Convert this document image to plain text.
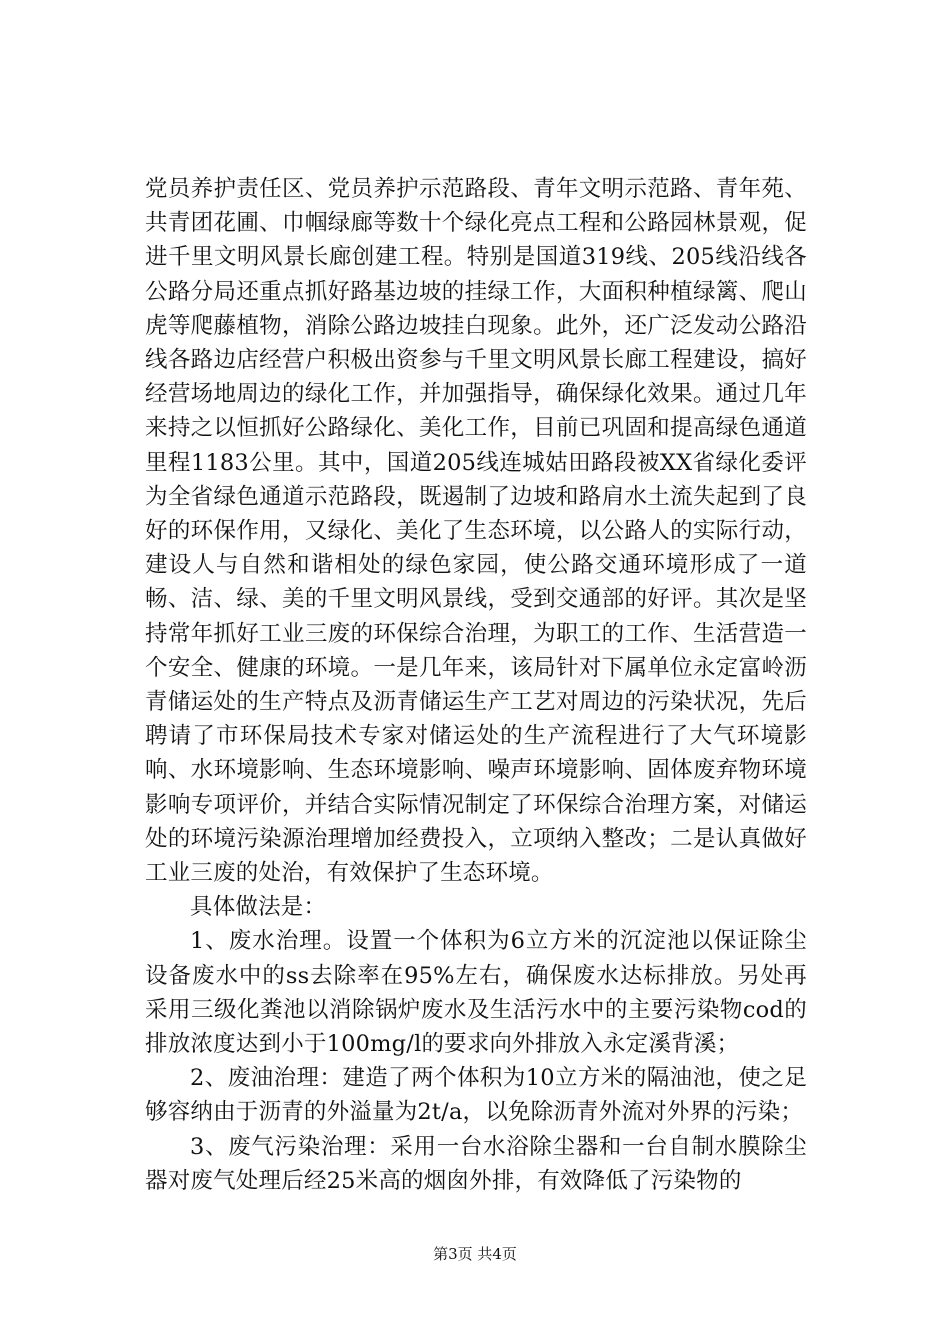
党员养护责任区、党员养护示范路段、青年文明示范路、青年苑、共青团花圃、巾帼绿廊等数十个绿化亮点工程和公路园林景观，促进千里文明风景长廊创建工程。特别是国道319线、205线沿线各公路分局还重点抓好路基边坡的挂绿工作，大面积种植绿篱、爬山虎等爬藤植物，消除公路边坡挂白现象。此外，还广泛发动公路沿线各路边店经营户积极出资参与千里文明风景长廊工程建设，搞好经营场地周边的绿化工作，并加强指导，确保绿化效果。通过几年来持之以恒抓好公路绿化、美化工作，目前已巩固和提高绿色通道里程1183公里。其中，国道205线连城姑田路段被XX省绿化委评为全省绿色通道示范路段，既遏制了边坡和路肩水土流失起到了良好的环保作用，又绿化、美化了生态环境，以公路人的实际行动，建设人与自然和谐相处的绿色家园，使公路交通环境形成了一道畅、洁、绿、美的千里文明风景线，受到交通部的好评。其次是坚持常年抓好工业三废的环保综合治理，为职工的工作、生活营造一个安全、健康的环境。一是几年来，该局针对下属单位永定富岭沥青储运处的生产特点及沥青储运生产工艺对周边的污染状况，先后聘请了市环保局技术专家对储运处的生产流程进行了大气环境影响、水环境影响、生态环境影响、噪声环境影响、固体废弃物环境影响专项评价，并结合实际情况制定了环保综合治理方案，对储运处的环境污染源治理增加经费投入，立项纳入整改；二是认真做好工业三废的处治，有效保护了生态环境。

具体做法是：

1、废水治理。设置一个体积为6立方米的沉淀池以保证除尘设备废水中的ss去除率在95%左右，确保废水达标排放。另处再采用三级化粪池以消除锅炉废水及生活污水中的主要污染物cod的排放浓度达到小于100mg/l的要求向外排放入永定溪背溪；

2、废油治理：建造了两个体积为10立方米的隔油池，使之足够容纳由于沥青的外溢量为2t/a，以免除沥青外流对外界的污染；

3、废气污染治理：采用一台水浴除尘器和一台自制水膜除尘器对废气处理后经25米高的烟囱外排，有效降低了污染物的

第3页 共4页
